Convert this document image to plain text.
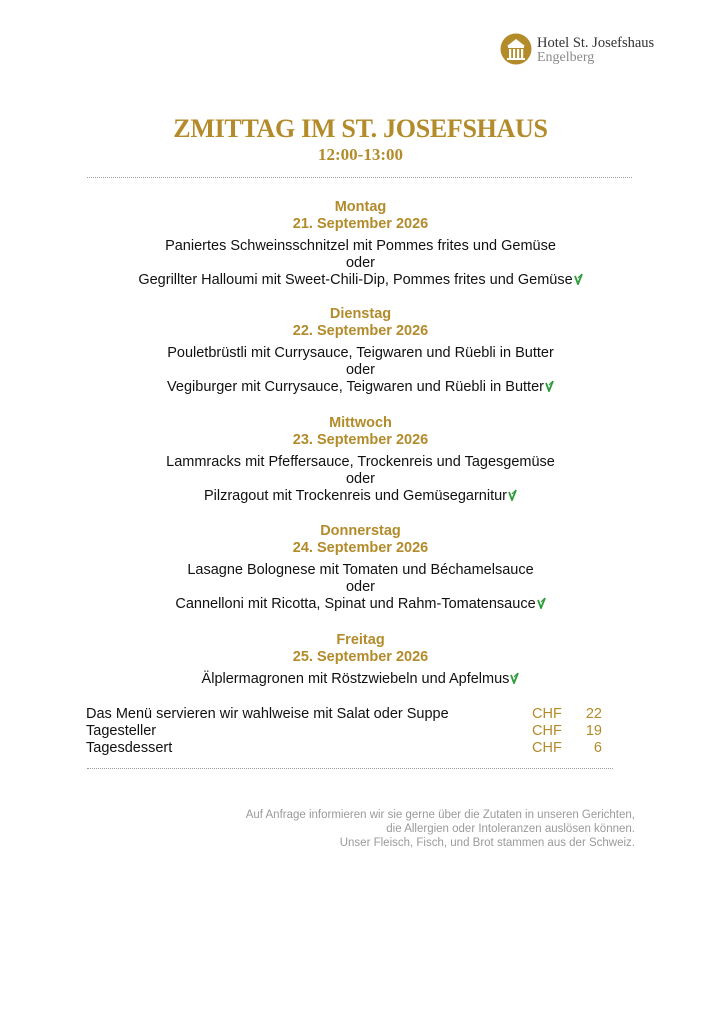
Hotel St. Josefshaus
Engelberg
ZMITTAG IM ST. JOSEFSHAUS
12:00-13:00
Montag
21. September 2026
Paniertes Schweinsschnitzel mit Pommes frites und Gemüse
oder
Gegrillter Halloumi mit Sweet-Chili-Dip, Pommes frites und Gemüse
Dienstag
22. September 2026
Pouletbrüstli mit Currysauce, Teigwaren und Rüebli in Butter
oder
Vegiburger mit Currysauce, Teigwaren und Rüebli in Butter
Mittwoch
23. September 2026
Lammracks mit Pfeffersauce, Trockenreis und Tagesgemüse
oder
Pilzragout mit Trockenreis und Gemüsegarnitur
Donnerstag
24. September 2026
Lasagne Bolognese mit Tomaten und Béchamelsauce
oder
Cannelloni mit Ricotta, Spinat und Rahm-Tomatensauce
Freitag
25. September 2026
Älplermagronen mit Röstzwiebeln und Apfelmus
Das Menü servieren wir wahlweise mit Salat oder Suppe	CHF	22
Tagesteller	CHF	19
Tagesdessert	CHF	6
Auf Anfrage informieren wir sie gerne über die Zutaten in unseren Gerichten,
die Allergien oder Intoleranzen auslösen können.
Unser Fleisch, Fisch, und Brot stammen aus der Schweiz.
